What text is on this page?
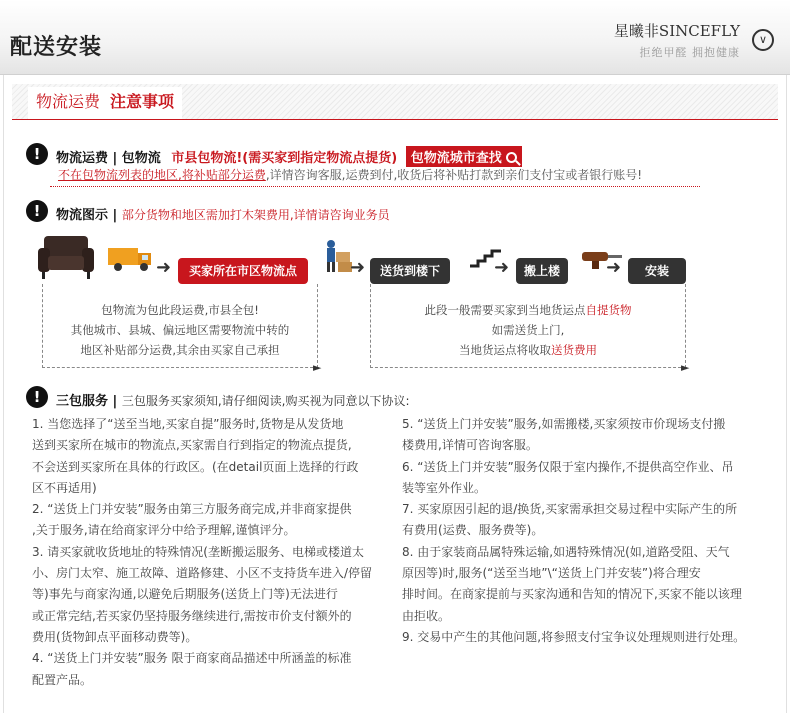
配送安装
星曦非SINCEFLY
拒绝甲醛 拥抱健康
∨
物流运费 注意事项
!	物流运费 | 包物流 市县包物流!(需买家到指定物流点提货) 包物流城市查找
不在包物流列表的地区,将补贴部分运费,详情咨询客服,运费到付,收货后将补贴打款到亲们支付宝或者银行账号!
!	物流图示 | 部分货物和地区需加打木架费用,详情请咨询业务员
➜	买家所在市区物流点	➜	送货到楼下	➜	搬上楼	➜	安装
包物流为包此段运费,市县全包!
其他城市、县城、偏远地区需要物流中转的
地区补贴部分运费,其余由买家自己承担
►
此段一般需要买家到当地货运点自提货物
如需送货上门,
当地货运点将收取送货费用
►
!	三包服务 | 三包服务买家须知,请仔细阅读,购买视为同意以下协议:

1. 当您选择了“送至当地,买家自提”服务时,货物是从发货地

送到买家所在城市的物流点,买家需自行到指定的物流点提货,

不会送到买家所在具体的行政区。(在detail页面上选择的行政

区不再适用)

2. “送货上门并安装”服务由第三方服务商完成,并非商家提供

,关于服务,请在给商家评分中给予理解,谨慎评分。

3. 请买家就收货地址的特殊情况(垄断搬运服务、电梯或楼道太

小、房门太窄、施工故障、道路修建、小区不支持货车进入/停留

等)事先与商家沟通,以避免后期服务(送货上门等)无法进行

或正常完结,若买家仍坚持服务继续进行,需按市价支付额外的

费用(货物卸点平面移动费等)。

4. “送货上门并安装”服务 限于商家商品描述中所涵盖的标准

配置产品。

5. “送货上门并安装”服务,如需搬楼,买家须按市价现场支付搬

楼费用,详情可咨询客服。

6. “送货上门并安装”服务仅限于室内操作,不提供高空作业、吊

装等室外作业。

7. 买家原因引起的退/换货,买家需承担交易过程中实际产生的所

有费用(运费、服务费等)。

8. 由于家装商品属特殊运输,如遇特殊情况(如,道路受阻、天气

原因等)时,服务(“送至当地”\“送货上门并安装”)将合理安

排时间。在商家提前与买家沟通和告知的情况下,买家不能以该理

由拒收。

9. 交易中产生的其他问题,将参照支付宝争议处理规则进行处理。
